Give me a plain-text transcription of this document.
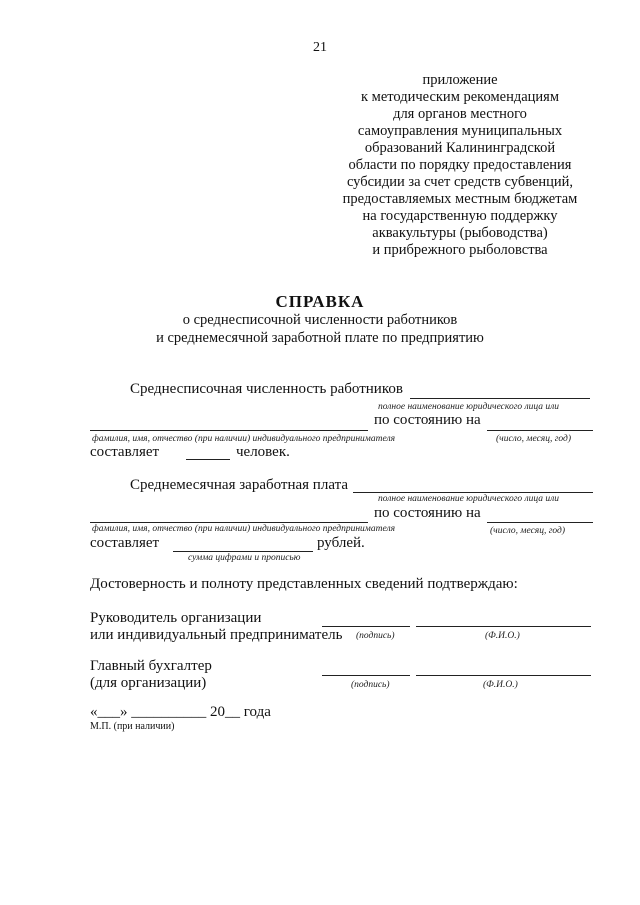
21
приложение
к методическим рекомендациям
для органов местного
самоуправления муниципальных
образований Калининградской
области по порядку предоставления
субсидии за счет средств субвенций,
предоставляемых местным бюджетам
на государственную поддержку
аквакультуры (рыбоводства)
и прибрежного рыболовства
СПРАВКА
о среднесписочной численности работников
и среднемесячной заработной плате по предприятию
Среднесписочная численность работников
полное наименование юридического лица или
по состоянию на
фамилия, имя, отчество (при наличии) индивидуального предпринимателя	(число, месяц, год)
составляет	человек.
Среднемесячная заработная плата
полное наименование юридического лица или
по состоянию на
фамилия, имя, отчество (при наличии) индивидуального предпринимателя	(число, месяц, год)
составляет	рублей.
сумма цифрами и прописью
Достоверность и полноту представленных сведений подтверждаю:
Руководитель организации
или индивидуальный предприниматель (подпись)	(Ф.И.О.)
Главный бухгалтер
(для организации)	(подпись)	(Ф.И.О.)
«___» __________ 20__ года
М.П. (при наличии)
